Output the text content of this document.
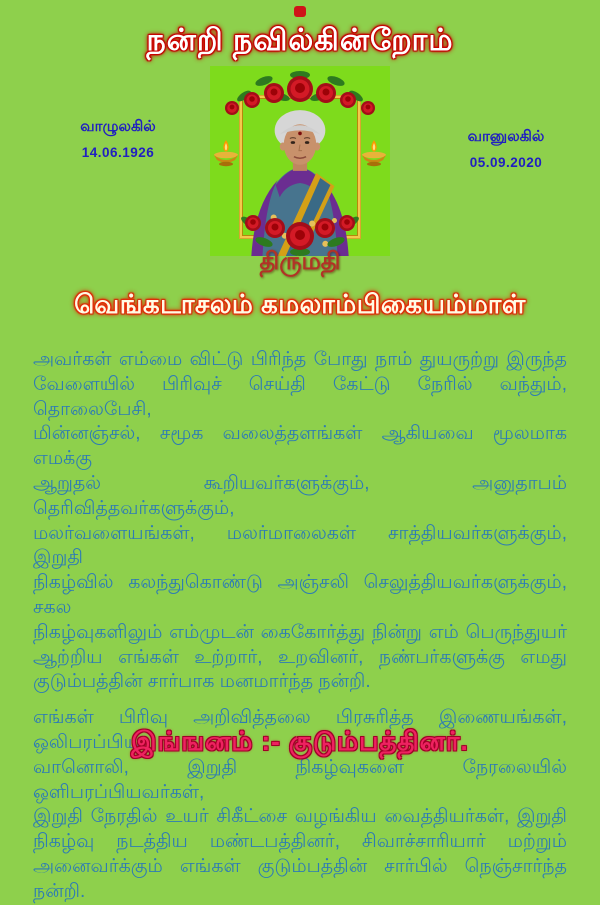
நன்றி நவில்கின்றோம்
வாழுலகில்
14.06.1926
வானுலகில்
05.09.2020
திருமதி
வெங்கடாசலம் கமலாம்பிகையம்மாள்
அவர்கள் எம்மை விட்டு பிரிந்த போது நாம் துயருற்று இருந்த
வேளையில் பிரிவுச் செய்தி கேட்டு நேரில் வந்தும், தொலைபேசி,
மின்னஞ்சல், சமூக வலைத்தளங்கள் ஆகியவை மூலமாக எமக்கு
ஆறுதல் கூறியவர்களுக்கும், அனுதாபம் தெரிவித்தவர்களுக்கும்,
மலர்வளையங்கள், மலர்மாலைகள் சாத்தியவர்களுக்கும், இறுதி
நிகழ்வில் கலந்துகொண்டு அஞ்சலி செலுத்தியவர்களுக்கும், சகல
நிகழ்வுகளிலும் எம்முடன் கைகோர்த்து நின்று எம் பெருந்துயர்
ஆற்றிய எங்கள் உற்றார், உறவினர், நண்பர்களுக்கு எமது
குடும்பத்தின் சார்பாக மனமார்ந்த நன்றி.
எங்கள் பிரிவு அறிவித்தலை பிரசுரித்த இணையங்கள், ஒலிபரப்பிய
வானொலி, இறுதி நிகழ்வுகளை நேரலையில் ஒளிபரப்பியவர்கள்,
இறுதி நேரதில் உயர் சிகீட்சை வழங்கிய வைத்தியர்கள், இறுதி
நிகழ்வு நடத்திய மண்டபத்தினர், சிவாச்சாரியார் மற்றும்
அனைவர்க்கும் எங்கள் குடும்பத்தின் சார்பில் நெஞ்சார்ந்த நன்றி.
இங்ஙனம் :- குடும்பத்தினர்.
